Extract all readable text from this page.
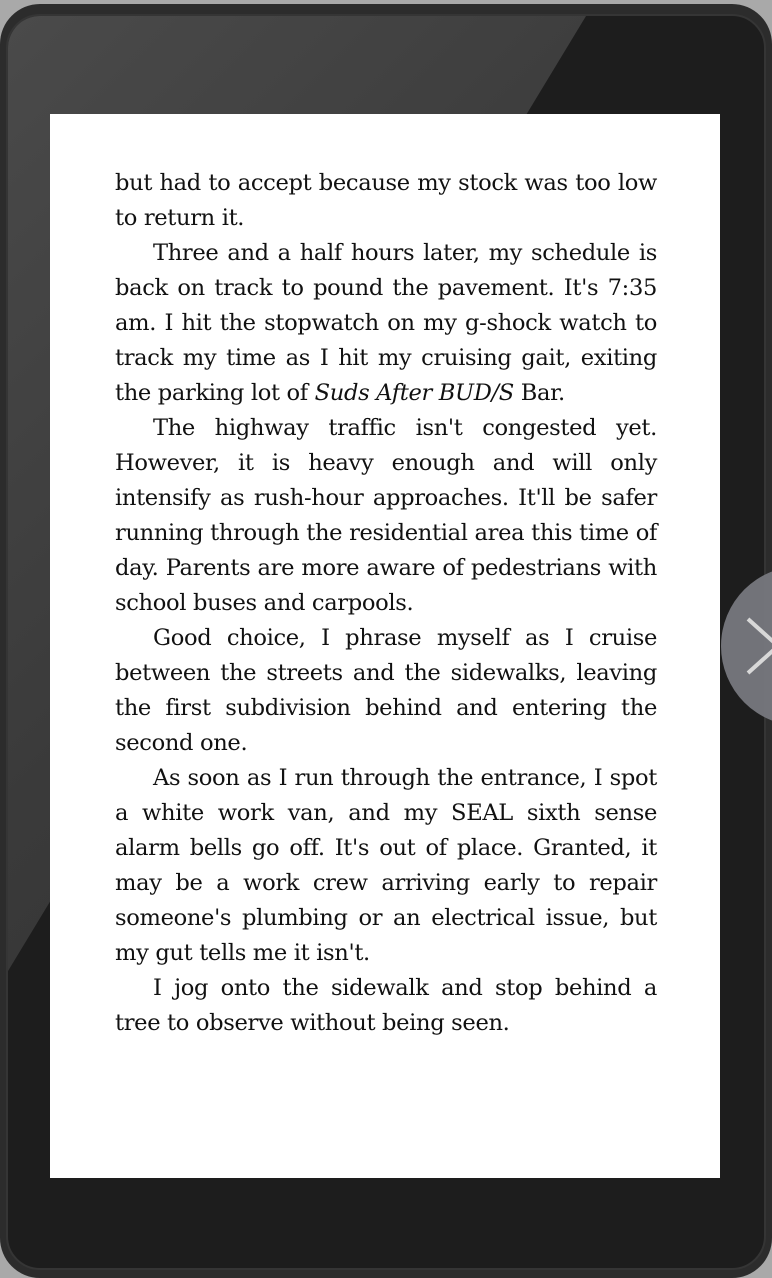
but had to accept because my stock was too low to return it.

Three and a half hours later, my schedule is back on track to pound the pavement. It's 7:35 am. I hit the stopwatch on my g-shock watch to track my time as I hit my cruising gait, exiting the parking lot of Suds After BUD/S Bar.

The highway traffic isn't congested yet. However, it is heavy enough and will only intensify as rush-hour approaches. It'll be safer running through the residential area this time of day. Parents are more aware of pedestrians with school buses and carpools.

Good choice, I phrase myself as I cruise between the streets and the sidewalks, leaving the first subdivision behind and entering the second one.

As soon as I run through the entrance, I spot a white work van, and my SEAL sixth sense alarm bells go off. It's out of place. Granted, it may be a work crew arriving early to repair someone's plumbing or an electrical issue, but my gut tells me it isn't.

I jog onto the sidewalk and stop behind a tree to observe without being seen.
